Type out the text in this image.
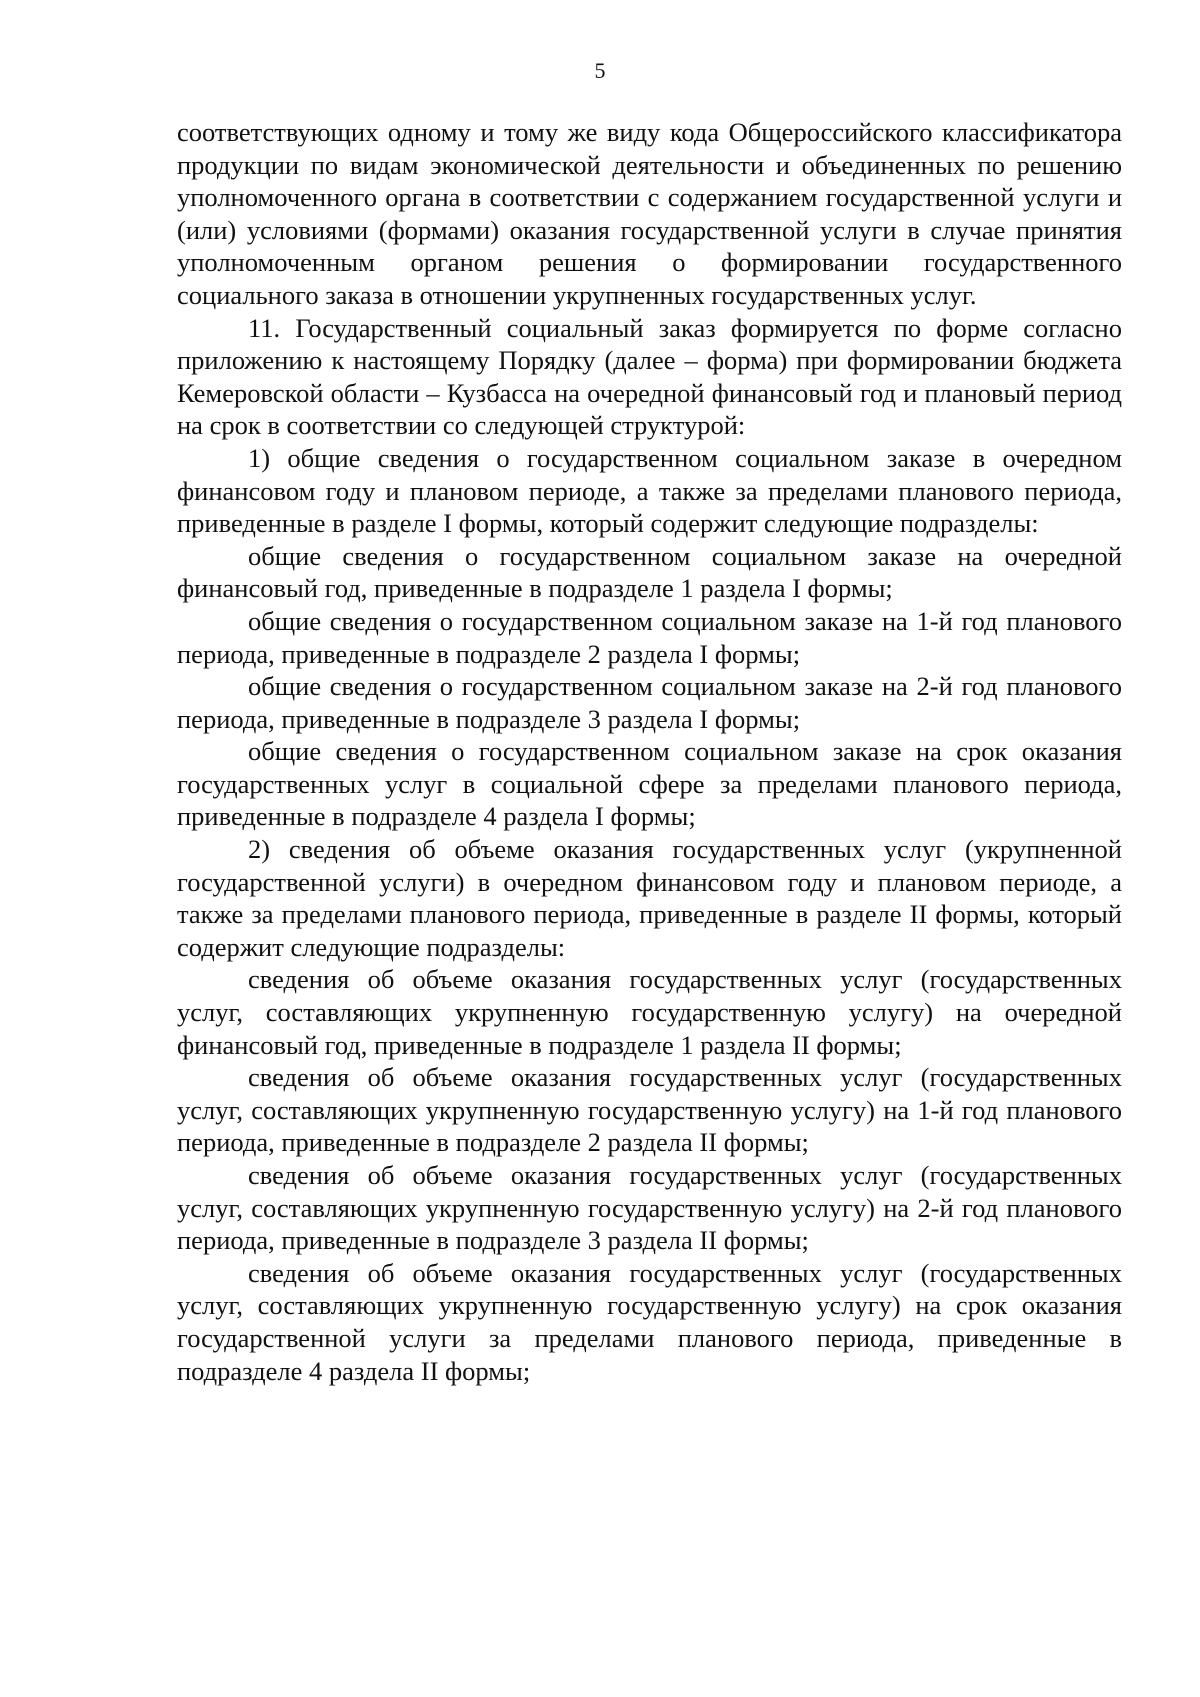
5

соответствующих одному и тому же виду кода Общероссийского классификатора продукции по видам экономической деятельности и объединенных по решению уполномоченного органа в соответствии с содержанием государственной услуги и (или) условиями (формами) оказания государственной услуги в случае принятия уполномоченным органом решения о формировании государственного социального заказа в отношении укрупненных государственных услуг.

11. Государственный социальный заказ формируется по форме согласно приложению к настоящему Порядку (далее – форма) при формировании бюджета Кемеровской области – Кузбасса на очередной финансовый год и плановый период на срок в соответствии со следующей структурой:

1) общие сведения о государственном социальном заказе в очередном финансовом году и плановом периоде, а также за пределами планового периода, приведенные в разделе I формы, который содержит следующие подразделы:

общие сведения о государственном социальном заказе на очередной финансовый год, приведенные в подразделе 1 раздела I формы;

общие сведения о государственном социальном заказе на 1-й год планового периода, приведенные в подразделе 2 раздела I формы;

общие сведения о государственном социальном заказе на 2-й год планового периода, приведенные в подразделе 3 раздела I формы;

общие сведения о государственном социальном заказе на срок оказания государственных услуг в социальной сфере за пределами планового периода, приведенные в подразделе 4 раздела I формы;

2) сведения об объеме оказания государственных услуг (укрупненной государственной услуги) в очередном финансовом году и плановом периоде, а также за пределами планового периода, приведенные в разделе II формы, который содержит следующие подразделы:

сведения об объеме оказания государственных услуг (государственных услуг, составляющих укрупненную государственную услугу) на очередной финансовый год, приведенные в подразделе 1 раздела II формы;

сведения об объеме оказания государственных услуг (государственных услуг, составляющих укрупненную государственную услугу) на 1-й год планового периода, приведенные в подразделе 2 раздела II формы;

сведения об объеме оказания государственных услуг (государственных услуг, составляющих укрупненную государственную услугу) на 2-й год планового периода, приведенные в подразделе 3 раздела II формы;

сведения об объеме оказания государственных услуг (государственных услуг, составляющих укрупненную государственную услугу) на срок оказания государственной услуги за пределами планового периода, приведенные в подразделе 4 раздела II формы;
